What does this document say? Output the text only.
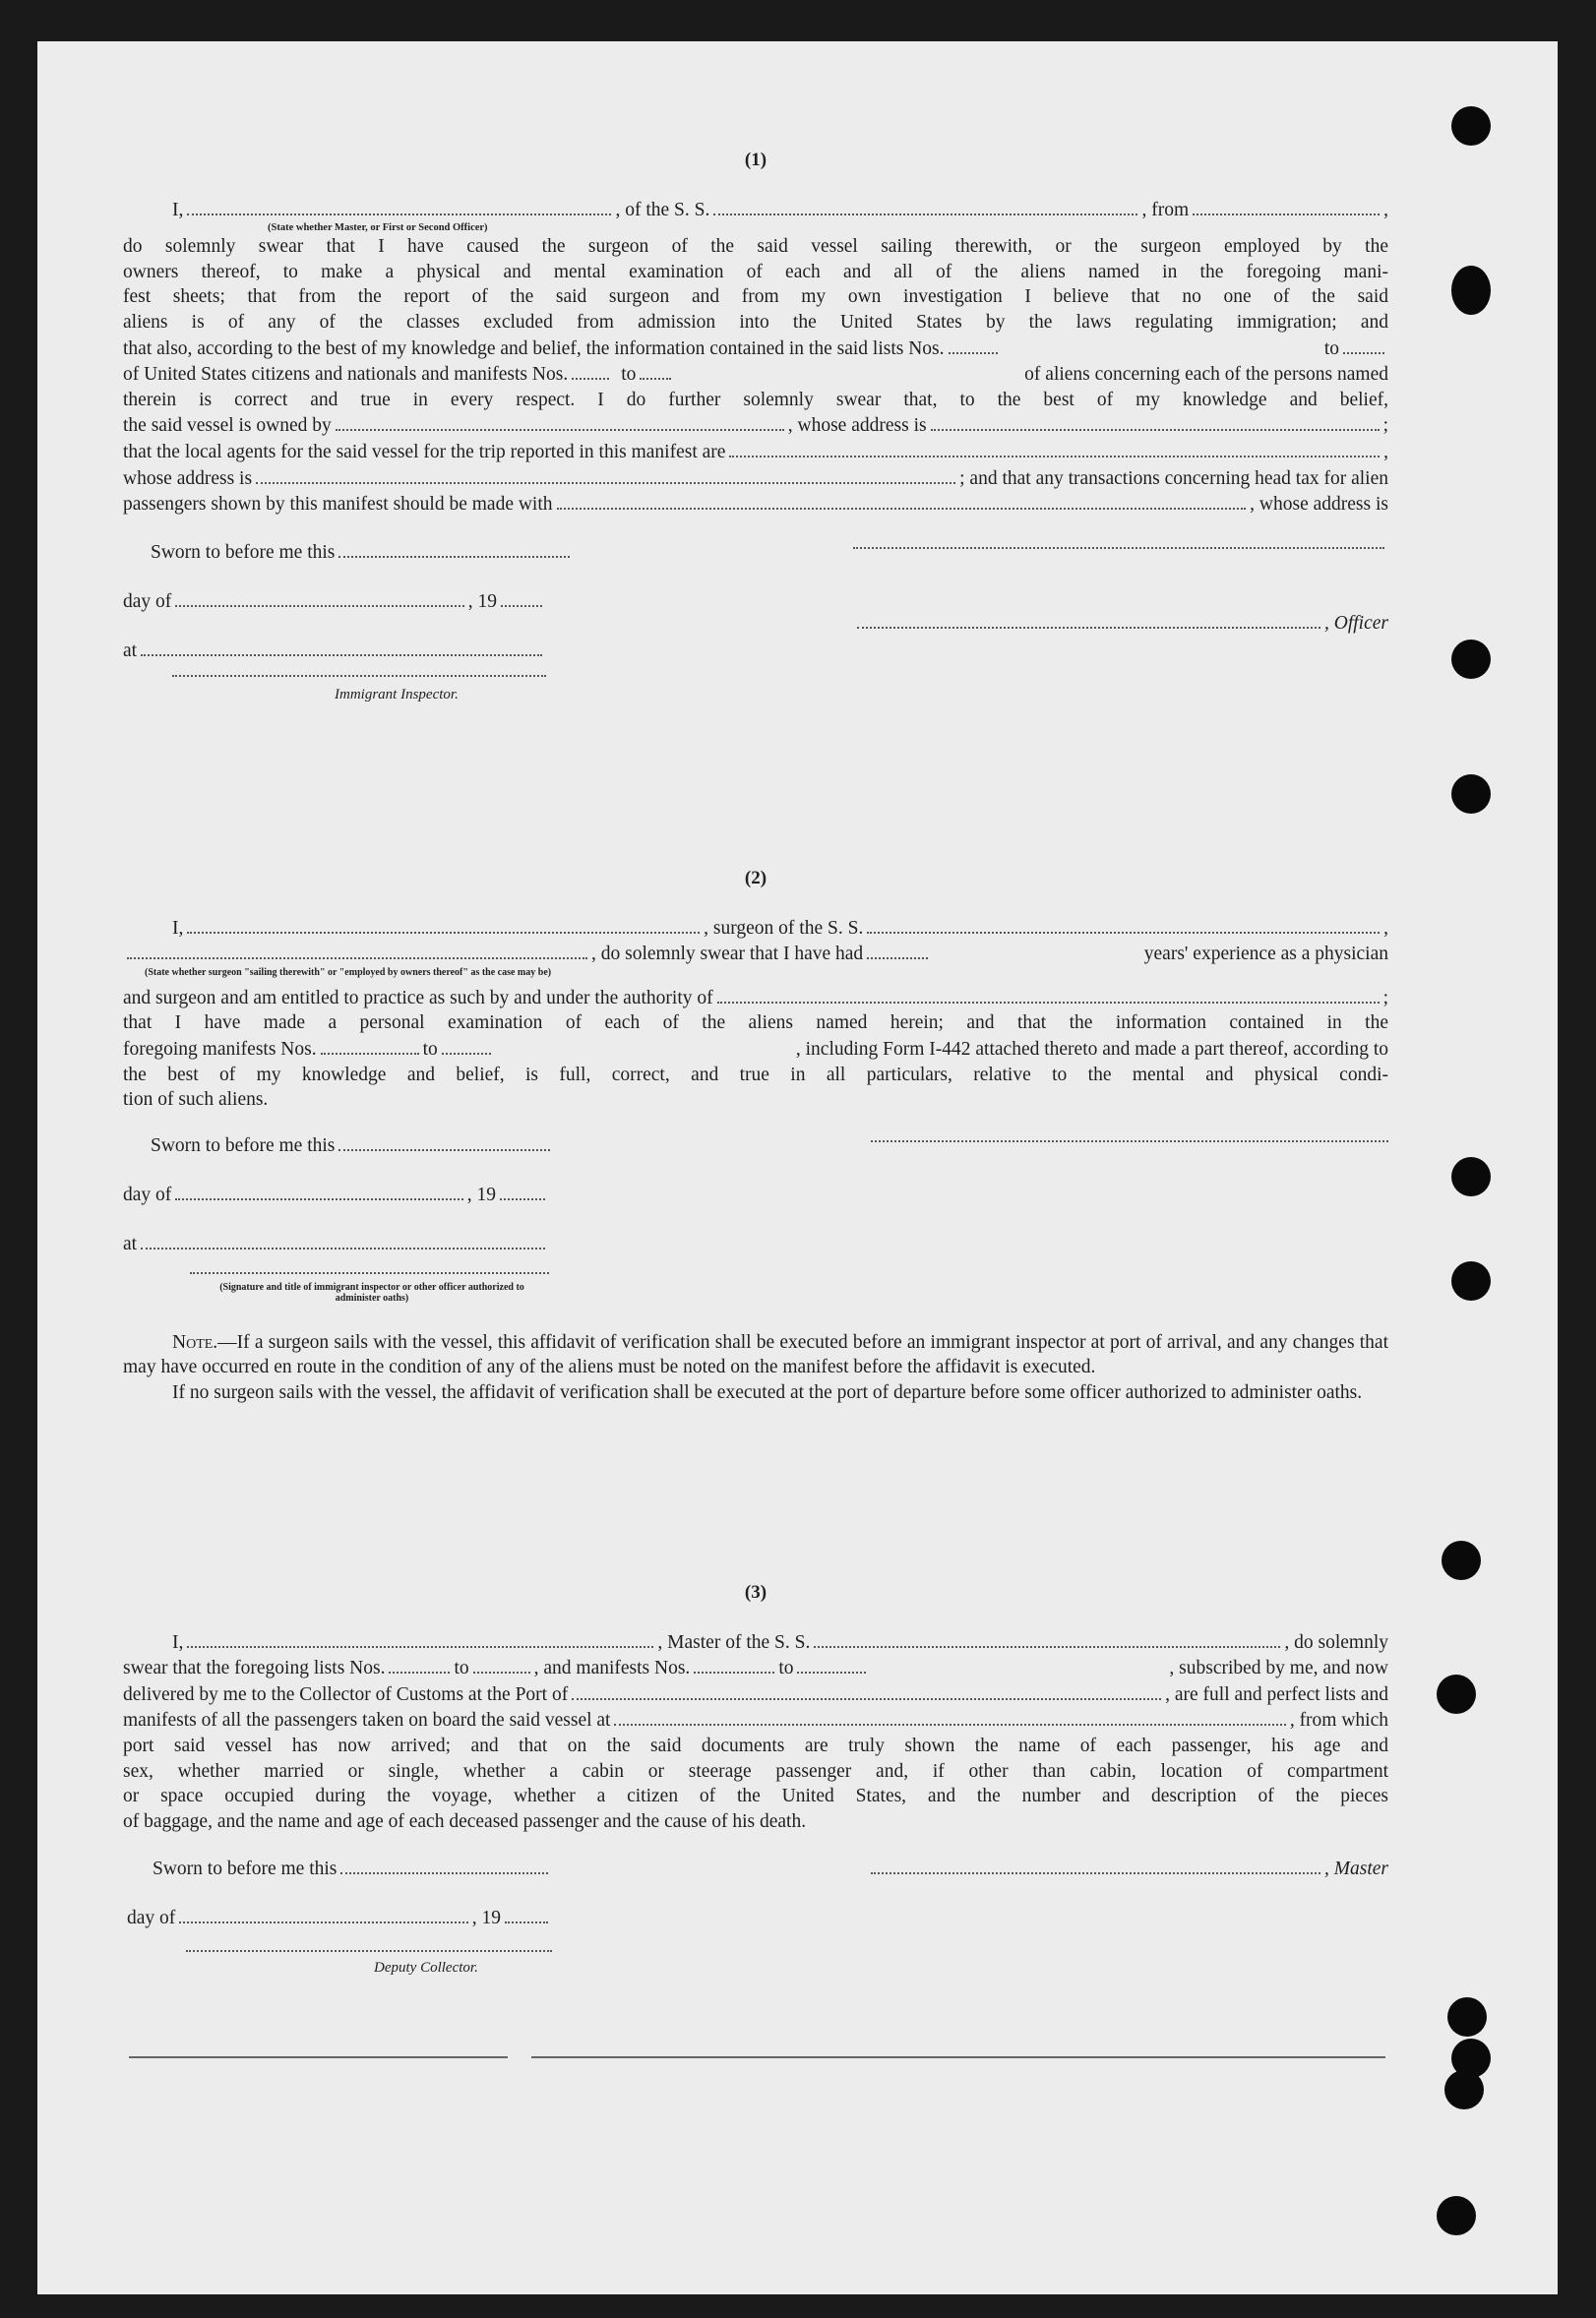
(1)

I,	, of the S. S.	, from	,
(State whether Master, or First or Second Officer)

do solemnly swear that I have caused the surgeon of the said vessel sailing therewith, or the surgeon employed by the

owners thereof, to make a physical and mental examination of each and all of the aliens named in the foregoing mani-

fest sheets; that from the report of the said surgeon and from my own investigation I believe that no one of the said

aliens is of any of the classes excluded from admission into the United States by the laws regulating immigration; and

that also, according to the best of my knowledge and belief, the information contained in the said lists Nos.	to
of United States citizens and nationals and manifests Nos.	to	of aliens concerning each of the persons named

therein is correct and true in every respect. I do further solemnly swear that, to the best of my knowledge and belief,

the said vessel is owned by	, whose address is	;
that the local agents for the said vessel for the trip reported in this manifest are	,
whose address is	; and that any transactions concerning head tax for alien
passengers shown by this manifest should be made with	, whose address is
Sworn to before me this
day of	, 19
at
Immigrant Inspector.
, Officer

(2)

I,	, surgeon of the S. S.	,
, do solemnly swear that I have had	years' experience as a physician
(State whether surgeon "sailing therewith" or "employed by owners thereof" as the case may be)
and surgeon and am entitled to practice as such by and under the authority of	;

that I have made a personal examination of each of the aliens named herein; and that the information contained in the

foregoing manifests Nos.	to	, including Form I-442 attached thereto and made a part thereof, according to

the best of my knowledge and belief, is full, correct, and true in all particulars, relative to the mental and physical condi-

tion of such aliens.

Sworn to before me this
day of	, 19
at
(Signature and title of immigrant inspector or other officer authorized to administer oaths)

Note.—If a surgeon sails with the vessel, this affidavit of verification shall be executed before an immigrant inspector at port of arrival, and any changes that may have occurred en route in the condition of any of the aliens must be noted on the manifest before the affidavit is executed.

If no surgeon sails with the vessel, the affidavit of verification shall be executed at the port of departure before some officer authorized to administer oaths.

(3)

I,	, Master of the S. S.	, do solemnly
swear that the foregoing lists Nos.	to	, and manifests Nos.	to	, subscribed by me, and now
delivered by me to the Collector of Customs at the Port of	, are full and perfect lists and
manifests of all the passengers taken on board the said vessel at	, from which

port said vessel has now arrived; and that on the said documents are truly shown the name of each passenger, his age and

sex, whether married or single, whether a cabin or steerage passenger and, if other than cabin, location of compartment

or space occupied during the voyage, whether a citizen of the United States, and the number and description of the pieces

of baggage, and the name and age of each deceased passenger and the cause of his death.

Sworn to before me this
day of	, 19
Deputy Collector.
, Master
